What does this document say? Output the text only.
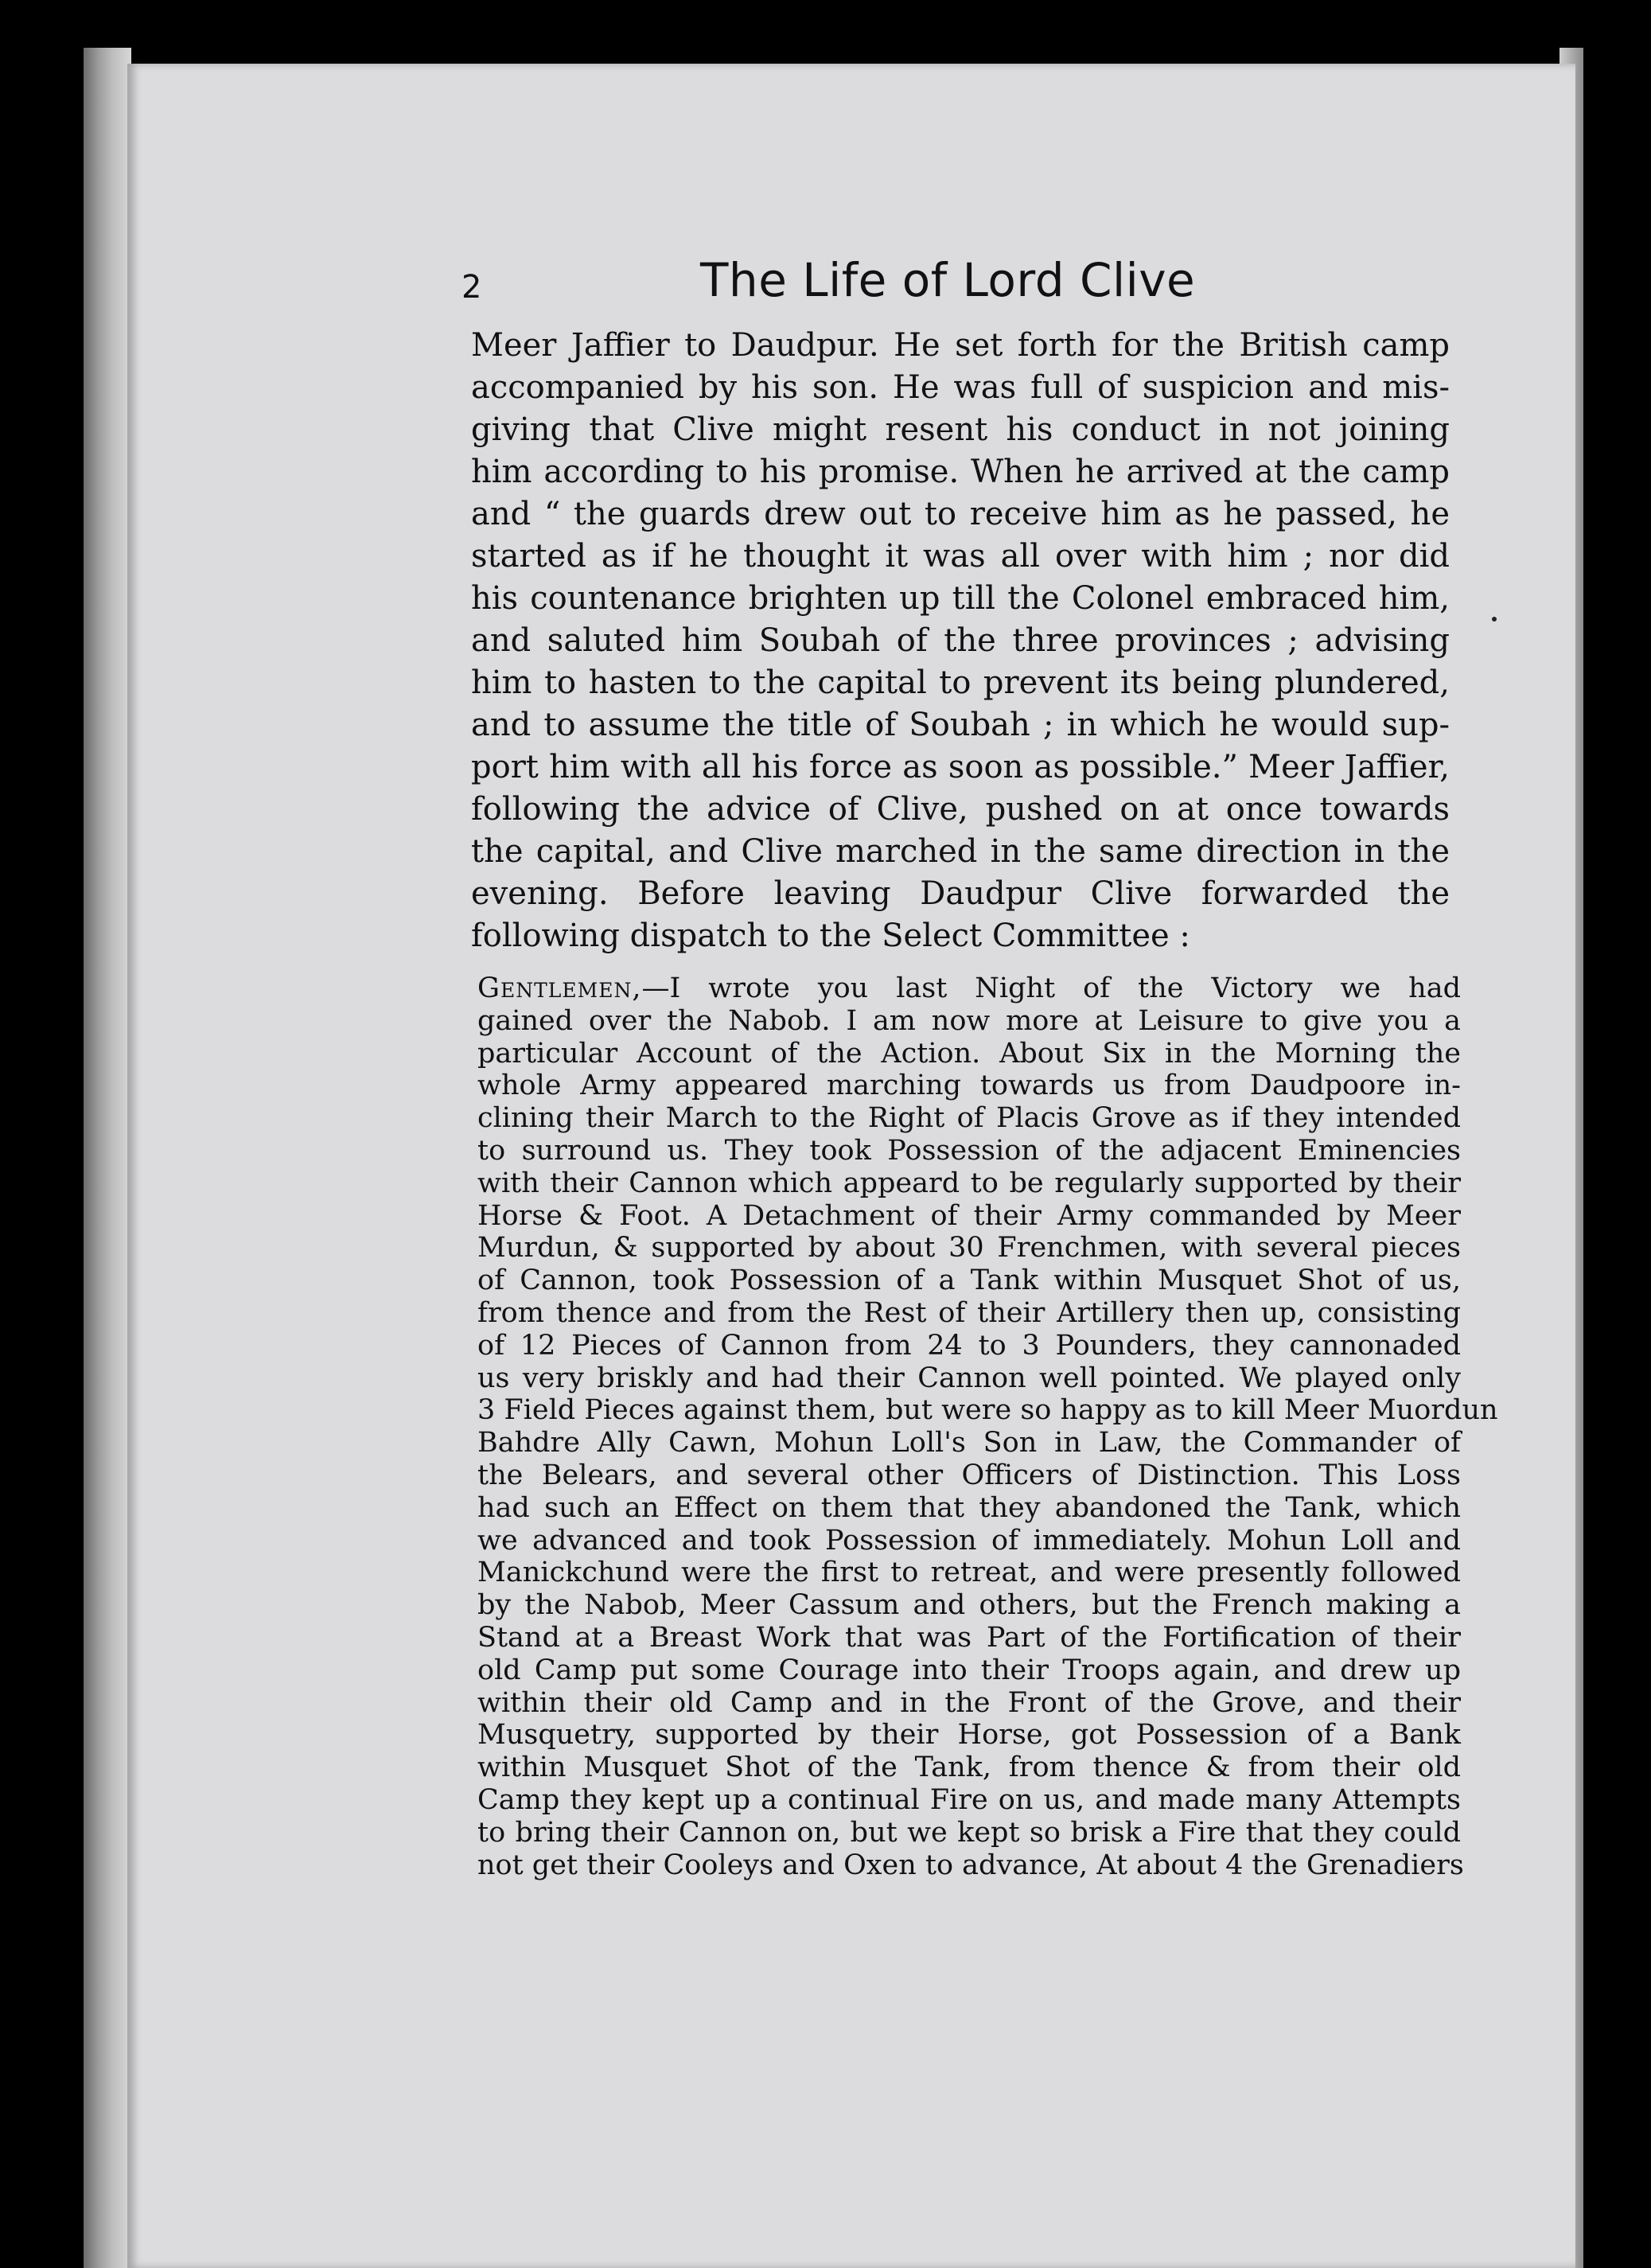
2	The Life of Lord Clive
Meer Jaffier to Daudpur. He set forth for the British camp
accompanied by his son. He was full of suspicion and mis-
giving that Clive might resent his conduct in not joining
him according to his promise. When he arrived at the camp
and “ the guards drew out to receive him as he passed, he
started as if he thought it was all over with him ; nor did
his countenance brighten up till the Colonel embraced him,
and saluted him Soubah of the three provinces ; advising
him to hasten to the capital to prevent its being plundered,
and to assume the title of Soubah ; in which he would sup-
port him with all his force as soon as possible.” Meer Jaffier,
following the advice of Clive, pushed on at once towards
the capital, and Clive marched in the same direction in the
evening. Before leaving Daudpur Clive forwarded the
following dispatch to the Select Committee :
Gentlemen,—I wrote you last Night of the Victory we had
gained over the Nabob. I am now more at Leisure to give you a
particular Account of the Action. About Six in the Morning the
whole Army appeared marching towards us from Daudpoore in-
clining their March to the Right of Placis Grove as if they intended
to surround us. They took Possession of the adjacent Eminencies
with their Cannon which appeard to be regularly supported by their
Horse & Foot. A Detachment of their Army commanded by Meer
Murdun, & supported by about 30 Frenchmen, with several pieces
of Cannon, took Possession of a Tank within Musquet Shot of us,
from thence and from the Rest of their Artillery then up, consisting
of 12 Pieces of Cannon from 24 to 3 Pounders, they cannonaded
us very briskly and had their Cannon well pointed. We played only
3 Field Pieces against them, but were so happy as to kill Meer Muordun
Bahdre Ally Cawn, Mohun Loll's Son in Law, the Commander of
the Belears, and several other Officers of Distinction. This Loss
had such an Effect on them that they abandoned the Tank, which
we advanced and took Possession of immediately. Mohun Loll and
Manickchund were the first to retreat, and were presently followed
by the Nabob, Meer Cassum and others, but the French making a
Stand at a Breast Work that was Part of the Fortification of their
old Camp put some Courage into their Troops again, and drew up
within their old Camp and in the Front of the Grove, and their
Musquetry, supported by their Horse, got Possession of a Bank
within Musquet Shot of the Tank, from thence & from their old
Camp they kept up a continual Fire on us, and made many Attempts
to bring their Cannon on, but we kept so brisk a Fire that they could
not get their Cooleys and Oxen to advance, At about 4 the Grenadiers
